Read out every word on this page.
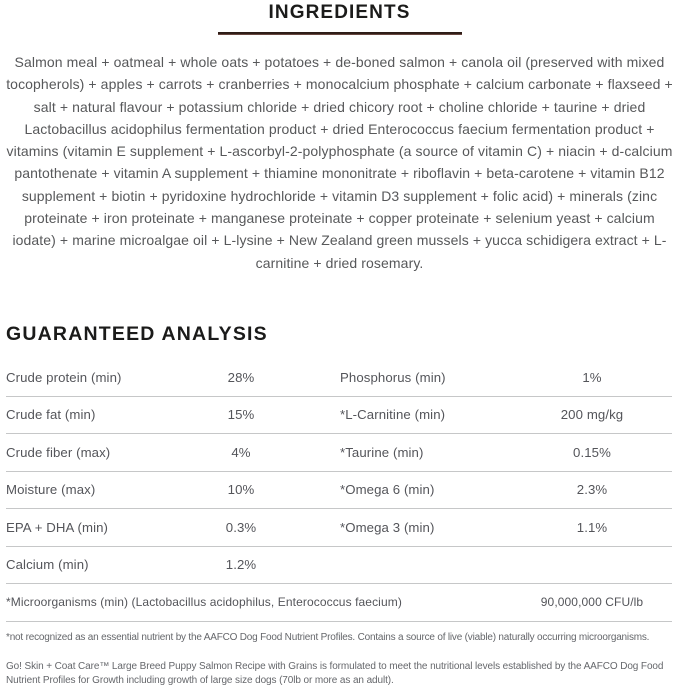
INGREDIENTS
Salmon meal + oatmeal + whole oats + potatoes + de-boned salmon + canola oil (preserved with mixed tocopherols) + apples + carrots + cranberries + monocalcium phosphate + calcium carbonate + flaxseed + salt + natural flavour + potassium chloride + dried chicory root + choline chloride + taurine + dried Lactobacillus acidophilus fermentation product + dried Enterococcus faecium fermentation product + vitamins (vitamin E supplement + L-ascorbyl-2-polyphosphate (a source of vitamin C) + niacin + d-calcium pantothenate + vitamin A supplement + thiamine mononitrate + riboflavin + beta-carotene + vitamin B12 supplement + biotin + pyridoxine hydrochloride + vitamin D3 supplement + folic acid) + minerals (zinc proteinate + iron proteinate + manganese proteinate + copper proteinate + selenium yeast + calcium iodate) + marine microalgae oil + L-lysine + New Zealand green mussels + yucca schidigera extract + L-carnitine + dried rosemary.
GUARANTEED ANALYSIS
Crude protein (min)	28%	Phosphorus (min)	1%
Crude fat (min)	15%	*L-Carnitine (min)	200 mg/kg
Crude fiber (max)	4%	*Taurine (min)	0.15%
Moisture (max)	10%	*Omega 6 (min)	2.3%
EPA + DHA (min)	0.3%	*Omega 3 (min)	1.1%
Calcium (min)	1.2%
*Microorganisms (min) (Lactobacillus acidophilus, Enterococcus faecium)	90,000,000 CFU/lb
*not recognized as an essential nutrient by the AAFCO Dog Food Nutrient Profiles. Contains a source of live (viable) naturally occurring microorganisms.
Go! Skin + Coat Care™ Large Breed Puppy Salmon Recipe with Grains is formulated to meet the nutritional levels established by the AAFCO Dog Food Nutrient Profiles for Growth including growth of large size dogs (70lb or more as an adult).
